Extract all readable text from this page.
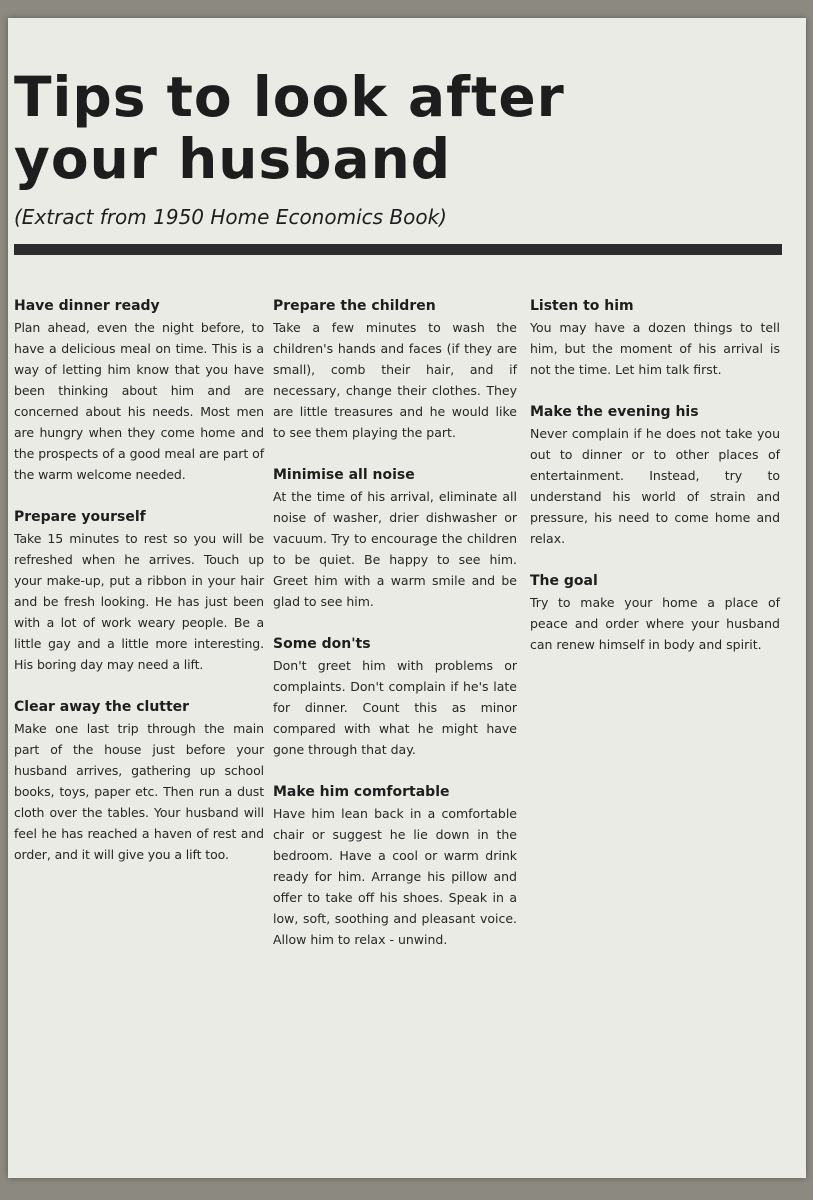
Tips to look after
your husband
(Extract from 1950 Home Economics Book)
Have dinner ready

Plan ahead, even the night before, to have a delicious meal on time. This is a way of letting him know that you have been thinking about him and are concerned about his needs. Most men are hungry when they come home and the prospects of a good meal are part of the warm welcome needed.

Prepare yourself

Take 15 minutes to rest so you will be refreshed when he arrives. Touch up your make-up, put a ribbon in your hair and be fresh looking. He has just been with a lot of work weary people. Be a little gay and a little more interesting. His boring day may need a lift.

Clear away the clutter

Make one last trip through the main part of the house just before your husband arrives, gathering up school books, toys, paper etc. Then run a dust cloth over the tables. Your husband will feel he has reached a haven of rest and order, and it will give you a lift too.

Prepare the children

Take a few minutes to wash the children's hands and faces (if they are small), comb their hair, and if necessary, change their clothes. They are little treasures and he would like to see them playing the part.

Minimise all noise

At the time of his arrival, eliminate all noise of washer, drier dishwasher or vacuum. Try to encourage the children to be quiet. Be happy to see him. Greet him with a warm smile and be glad to see him.

Some don'ts

Don't greet him with problems or complaints. Don't complain if he's late for dinner. Count this as minor compared with what he might have gone through that day.

Make him comfortable

Have him lean back in a comfortable chair or suggest he lie down in the bedroom. Have a cool or warm drink ready for him. Arrange his pillow and offer to take off his shoes. Speak in a low, soft, soothing and pleasant voice. Allow him to relax - unwind.

Listen to him

You may have a dozen things to tell him, but the moment of his arrival is not the time. Let him talk first.

Make the evening his

Never complain if he does not take you out to dinner or to other places of entertainment. Instead, try to understand his world of strain and pressure, his need to come home and relax.

The goal

Try to make your home a place of peace and order where your husband can renew himself in body and spirit.
